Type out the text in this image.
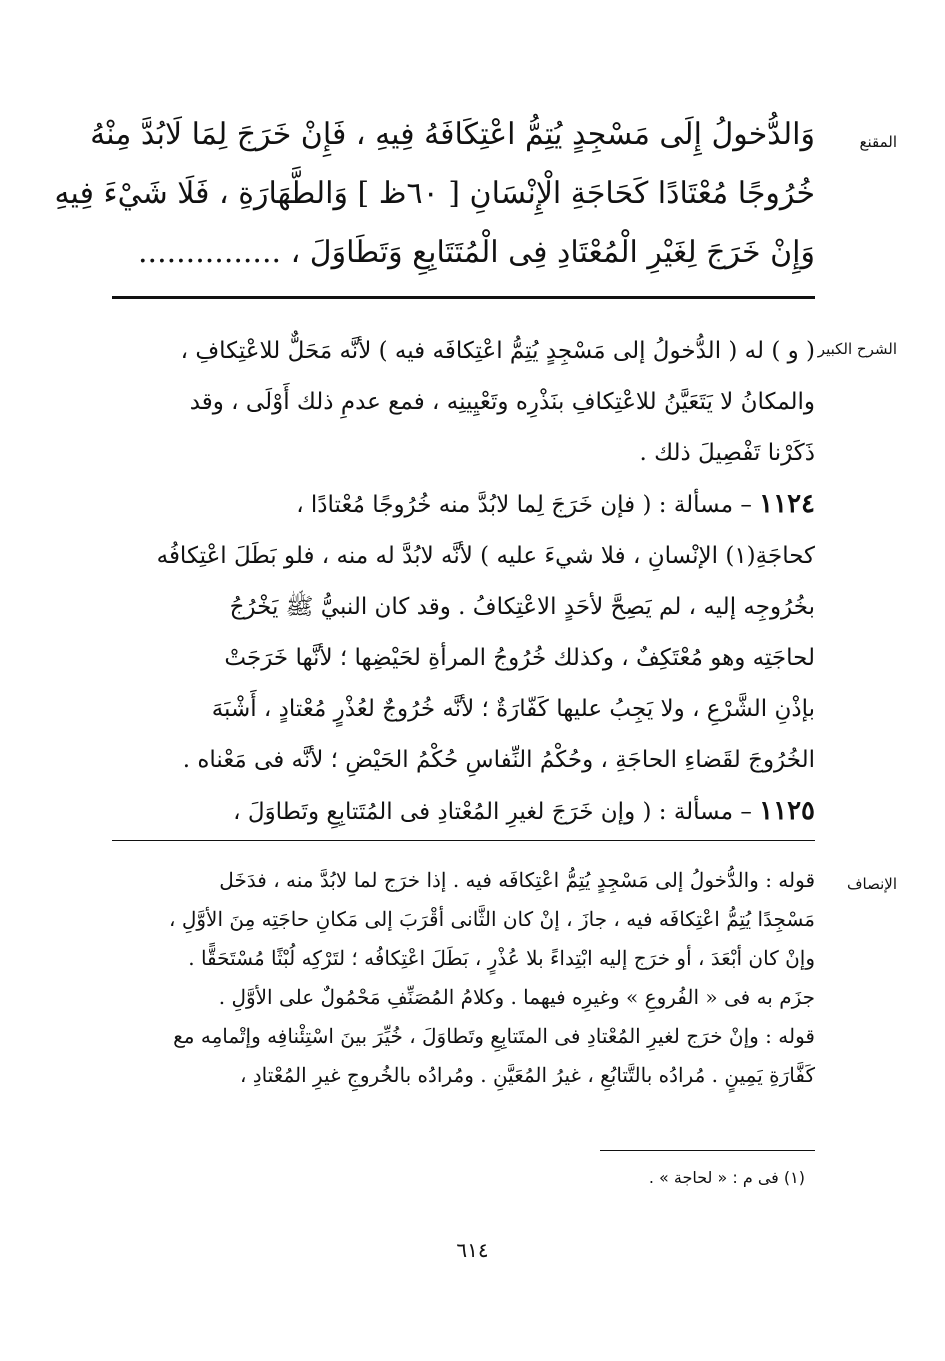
المقنع
وَالدُّخولُ إِلَى مَسْجِدٍ يُتِمُّ اعْتِكَافَهُ فِيهِ ، فَإِنْ خَرَجَ لِمَا لَابُدَّ مِنْهُ
خُرُوجًا مُعْتَادًا كَحَاجَةِ الْإِنْسَانِ [ ٦٠ظ ] وَالطَّهَارَةِ ، فَلَا شَيْءَ فِيهِ
وَإِنْ خَرَجَ لِغَيْرِ الْمُعْتَادِ فِى الْمُتَتَابِعِ وَتَطَاوَلَ ، ...............
الشرح الكبير
( و ) له ( الدُّخولُ إلى مَسْجِدٍ يُتِمُّ اعْتِكافَه فيه ) لأنَّه مَحَلٌّ للاعْتِكافِ ،
والمكانُ لا يَتَعَيَّنُ للاعْتِكافِ بنَذْرِه وتَعْيِينِه ، فمع عدمِ ذلك أَوْلَى ، وقد
ذَكَرْنا تَفْصِيلَ ذلك .
١١٢٤ – مسألة : ( فإن خَرَجَ لِما لابُدَّ منه خُرُوجًا مُعْتادًا ،
كحاجَةِ(١) الإنْسانِ ، فلا شيءَ عليه ) لأنَّه لابُدَّ له منه ، فلو بَطَلَ اعْتِكافُه
بخُرُوجِه إليه ، لم يَصِحَّ لأحَدٍ الاعْتِكافُ . وقد كان النبيُّ ﷺ يَخْرُجُ
لحاجَتِه وهو مُعْتَكِفٌ ، وكذلك خُرُوجُ المرأةِ لحَيْضِها ؛ لأنَّها خَرَجَتْ
بإذْنِ الشَّرْعِ ، ولا يَجِبُ عليها كَفّارَةٌ ؛ لأنَّه خُرُوجٌ لعُذْرٍ مُعْتادٍ ، أَشْبَهَ
الخُرُوجَ لقَضاءِ الحاجَةِ ، وحُكْمُ النِّفاسِ حُكْمُ الحَيْضِ ؛ لأنَّه فى مَعْناه .
١١٢٥ – مسألة : ( وإن خَرَجَ لغيرِ المُعْتادِ فى المُتَتابِعِ وتَطاوَلَ ،
الإنصاف
قوله : والدُّخولُ إلى مَسْجِدٍ يُتِمُّ اعْتِكافَه فيه . إذا خرَج لما لابُدَّ منه ، فدَخَل
مَسْجِدًا يُتِمُّ اعْتِكافَه فيه ، جازَ ، إنْ كان الثَّانى أقْرَبَ إلى مَكانِ حاجَتِه مِنَ الأوَّلِ ،
وإنْ كان أبْعَدَ ، أو خرَج إليه ابْتِداءً بلا عُذْرٍ ، بَطَلَ اعْتِكافُه ؛ لتَرْكِه لُبْثًا مُسْتَحَقًّا .
جزَم به فى « الفُروعِ » وغيرِه فيهما . وكلامُ المُصَنِّفِ مَحْمُولٌ على الأوَّلِ .
قوله : وإنْ خرَج لغيرِ المُعْتادِ فى المتَتابِعِ وتَطاوَلَ ، خُيِّرَ بينَ اسْتِئْنافِه وإتْمامِه مع
كَفَّارَةِ يَمِينٍ . مُرادُه بالتَّتابُعِ ، غيرُ المُعَيَّنِ . ومُرادُه بالخُروجِ غيرِ المُعْتادِ ،
(١) فى م : « لحاجة » .
٦١٤
